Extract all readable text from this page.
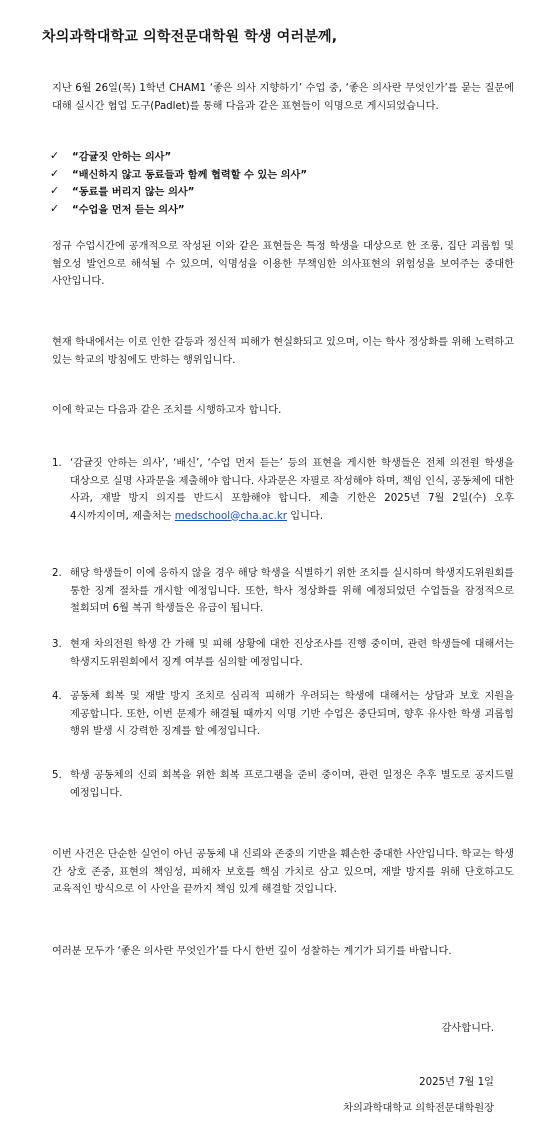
차의과학대학교 의학전문대학원 학생 여러분께,
지난 6월 26일(목) 1학년 CHAM1 ‘좋은 의사 지향하기’ 수업 중, ‘좋은 의사란 무엇인가’를 묻는 질문에 대해 실시간 협업 도구(Padlet)를 통해 다음과 같은 표현들이 익명으로 게시되었습니다.
✓	“감귤짓 안하는 의사”
✓	“배신하지 않고 동료들과 함께 협력할 수 있는 의사”
✓	“동료를 버리지 않는 의사”
✓	“수업을 먼저 듣는 의사”
정규 수업시간에 공개적으로 작성된 이와 같은 표현들은 특정 학생을 대상으로 한 조롱, 집단 괴롭힘 및 혐오성 발언으로 해석될 수 있으며, 익명성을 이용한 무책임한 의사표현의 위험성을 보여주는 중대한 사안입니다.
현재 학내에서는 이로 인한 갈등과 정신적 피해가 현실화되고 있으며, 이는 학사 정상화를 위해 노력하고 있는 학교의 방침에도 반하는 행위입니다.
이에 학교는 다음과 같은 조치를 시행하고자 합니다.
1. ‘감귤짓 안하는 의사’, ‘배신’, ‘수업 먼저 듣는’ 등의 표현을 게시한 학생들은 전체 의전원 학생을 대상으로 실명 사과문을 제출해야 합니다. 사과문은 자필로 작성해야 하며, 책임 인식, 공동체에 대한 사과, 재발 방지 의지를 반드시 포함해야 합니다. 제출 기한은 2025년 7월 2일(수) 오후 4시까지이며, 제출처는 medschool@cha.ac.kr 입니다.
2. 해당 학생들이 이에 응하지 않을 경우 해당 학생을 식별하기 위한 조치를 실시하며 학생지도위원회를 통한 징계 절차를 개시할 예정입니다. 또한, 학사 정상화를 위해 예정되었던 수업들을 잠정적으로 철회되며 6월 복귀 학생들은 유급이 됩니다.
3. 현재 차의전원 학생 간 가해 및 피해 상황에 대한 진상조사를 진행 중이며, 관련 학생들에 대해서는 학생지도위원회에서 징계 여부를 심의할 예정입니다.
4. 공동체 회복 및 재발 방지 조치로 심리적 피해가 우려되는 학생에 대해서는 상담과 보호 지원을 제공합니다. 또한, 이번 문제가 해결될 때까지 익명 기반 수업은 중단되며, 향후 유사한 학생 괴롭힘 행위 발생 시 강력한 징계를 할 예정입니다.
5. 학생 공동체의 신뢰 회복을 위한 회복 프로그램을 준비 중이며, 관련 일정은 추후 별도로 공지드릴 예정입니다.
이번 사건은 단순한 실언이 아닌 공동체 내 신뢰와 존중의 기반을 훼손한 중대한 사안입니다. 학교는 학생 간 상호 존중, 표현의 책임성, 피해자 보호를 핵심 가치로 삼고 있으며, 재발 방지를 위해 단호하고도 교육적인 방식으로 이 사안을 끝까지 책임 있게 해결할 것입니다.
여러분 모두가 ‘좋은 의사란 무엇인가’를 다시 한번 깊이 성찰하는 계기가 되기를 바랍니다.
감사합니다.
2025년 7월 1일
차의과학대학교 의학전문대학원장
